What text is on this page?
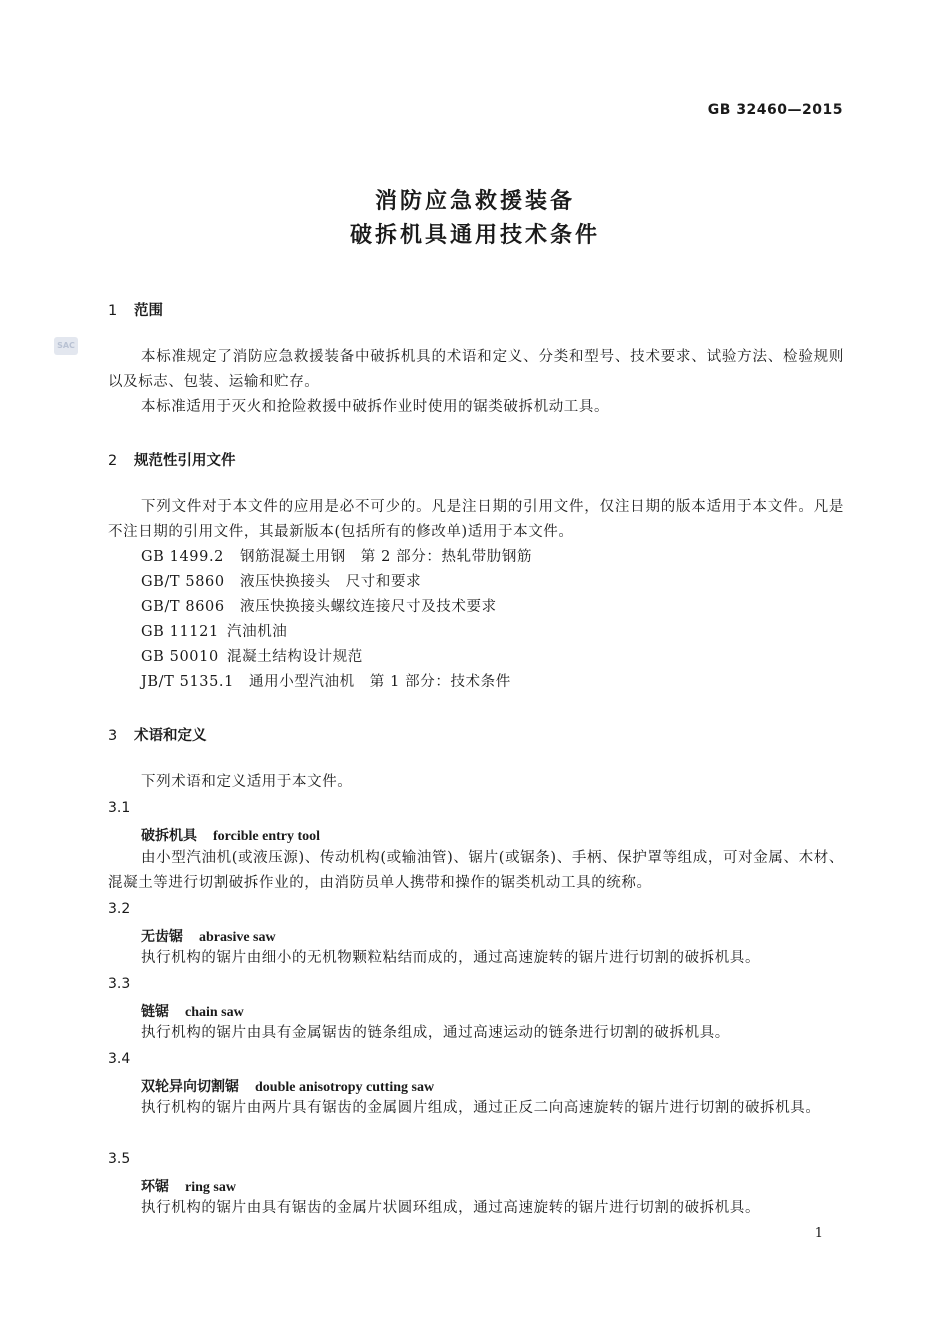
GB 32460—2015
消防应急救援装备
破拆机具通用技术条件
SAC
1 范围
本标准规定了消防应急救援装备中破拆机具的术语和定义、分类和型号、技术要求、试验方法、检验规则以及标志、包装、运输和贮存。
本标准适用于灭火和抢险救援中破拆作业时使用的锯类破拆机动工具。
2 规范性引用文件
下列文件对于本文件的应用是必不可少的。凡是注日期的引用文件，仅注日期的版本适用于本文件。凡是不注日期的引用文件，其最新版本(包括所有的修改单)适用于本文件。
GB 1499.2 钢筋混凝土用钢　第 2 部分：热轧带肋钢筋
GB/T 5860 液压快换接头　尺寸和要求
GB/T 8606 液压快换接头螺纹连接尺寸及技术要求
GB 11121 汽油机油
GB 50010 混凝土结构设计规范
JB/T 5135.1 通用小型汽油机　第 1 部分：技术条件
3 术语和定义
下列术语和定义适用于本文件。
3.1
破拆机具 forcible entry tool
由小型汽油机(或液压源)、传动机构(或输油管)、锯片(或锯条)、手柄、保护罩等组成，可对金属、木材、混凝土等进行切割破拆作业的，由消防员单人携带和操作的锯类机动工具的统称。
3.2
无齿锯 abrasive saw
执行机构的锯片由细小的无机物颗粒粘结而成的，通过高速旋转的锯片进行切割的破拆机具。
3.3
链锯 chain saw
执行机构的锯片由具有金属锯齿的链条组成，通过高速运动的链条进行切割的破拆机具。
3.4
双轮异向切割锯 double anisotropy cutting saw
执行机构的锯片由两片具有锯齿的金属圆片组成，通过正反二向高速旋转的锯片进行切割的破拆机具。
3.5
环锯 ring saw
执行机构的锯片由具有锯齿的金属片状圆环组成，通过高速旋转的锯片进行切割的破拆机具。
1
